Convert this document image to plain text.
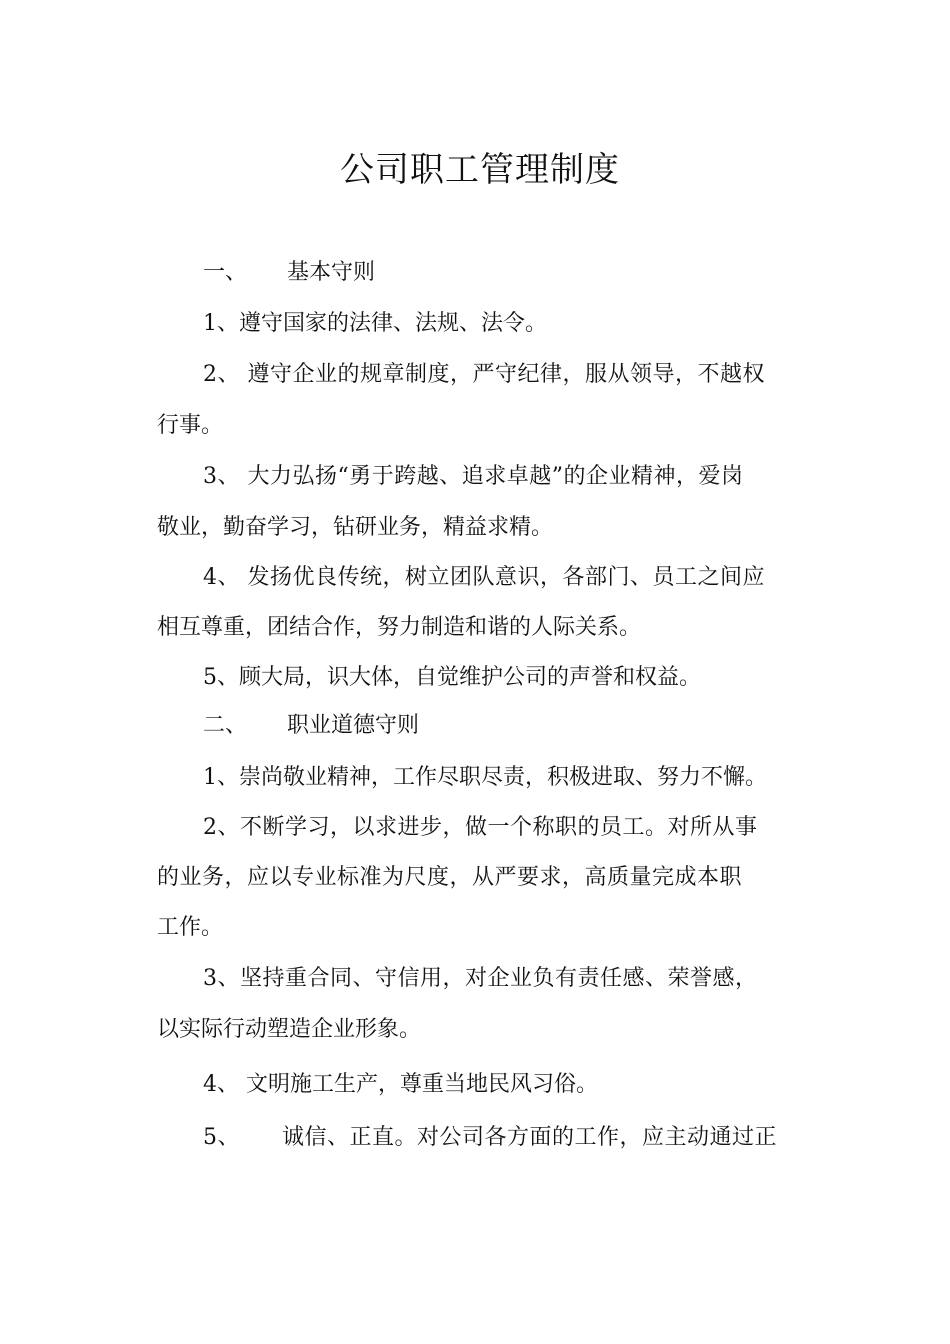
公司职工管理制度
一、 基本守则
1、遵守国家的法律、法规、法令。
2、 遵守企业的规章制度，严守纪律，服从领导，不越权
行事。
3、 大力弘扬“勇于跨越、追求卓越”的企业精神，爱岗
敬业，勤奋学习，钻研业务，精益求精。
4、 发扬优良传统，树立团队意识，各部门、员工之间应
相互尊重，团结合作，努力制造和谐的人际关系。
5、顾大局，识大体，自觉维护公司的声誉和权益。
二、 职业道德守则
1、崇尚敬业精神，工作尽职尽责，积极进取、努力不懈。
2、不断学习，以求进步，做一个称职的员工。对所从事
的业务，应以专业标准为尺度，从严要求，高质量完成本职
工作。
3、坚持重合同、守信用，对企业负有责任感、荣誉感，
以实际行动塑造企业形象。
4、 文明施工生产，尊重当地民风习俗。
5、 诚信、正直。对公司各方面的工作，应主动通过正
